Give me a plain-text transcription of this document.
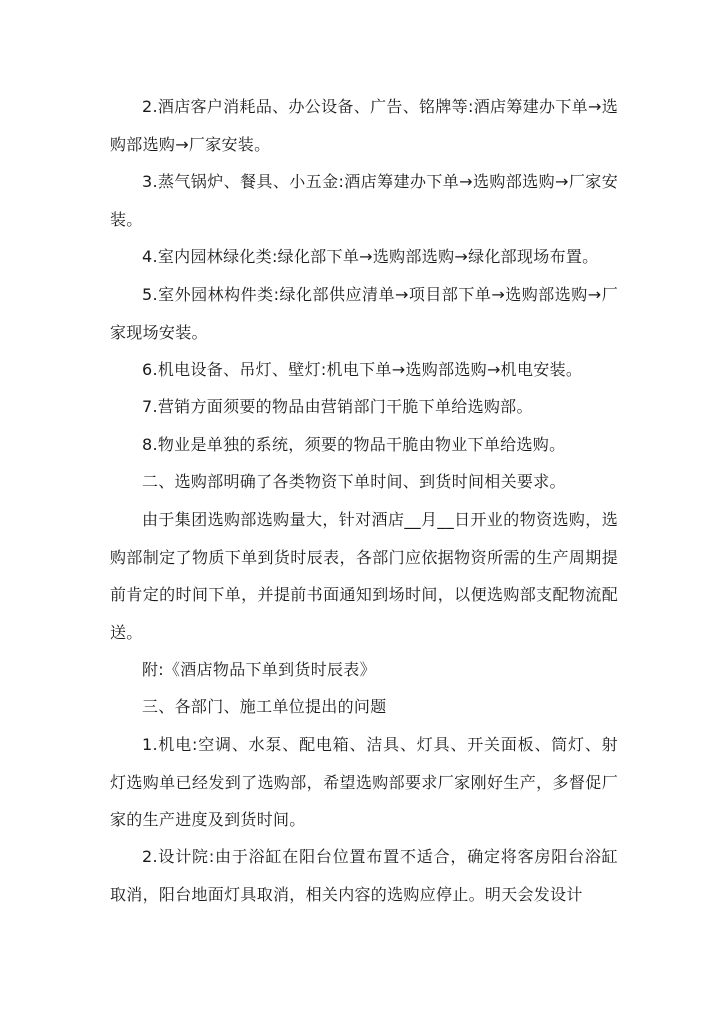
2.酒店客户消耗品、办公设备、广告、铭牌等:酒店筹建办下单→选购部选购→厂家安装。

3.蒸气锅炉、餐具、小五金:酒店筹建办下单→选购部选购→厂家安装。

4.室内园林绿化类:绿化部下单→选购部选购→绿化部现场布置。

5.室外园林构件类:绿化部供应清单→项目部下单→选购部选购→厂家现场安装。

6.机电设备、吊灯、壁灯:机电下单→选购部选购→机电安装。

7.营销方面须要的物品由营销部门干脆下单给选购部。

8.物业是单独的系统，须要的物品干脆由物业下单给选购。

二、选购部明确了各类物资下单时间、到货时间相关要求。

由于集团选购部选购量大，针对酒店__月__日开业的物资选购，选购部制定了物质下单到货时辰表，各部门应依据物资所需的生产周期提前肯定的时间下单，并提前书面通知到场时间，以便选购部支配物流配送。

附:《酒店物品下单到货时辰表》

三、各部门、施工单位提出的问题

1.机电:空调、水泵、配电箱、洁具、灯具、开关面板、筒灯、射灯选购单已经发到了选购部，希望选购部要求厂家刚好生产，多督促厂家的生产进度及到货时间。

2.设计院:由于浴缸在阳台位置布置不适合，确定将客房阳台浴缸取消，阳台地面灯具取消，相关内容的选购应停止。明天会发设计
